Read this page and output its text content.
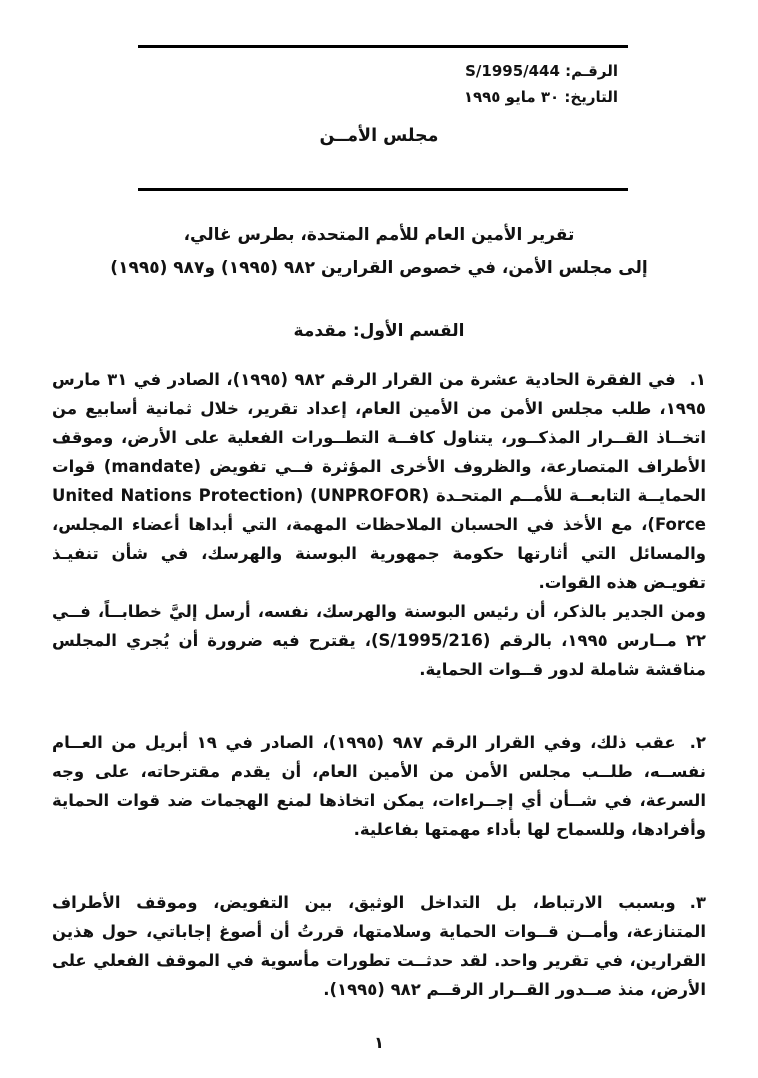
الرقـم: S/1995/444
التاريخ: ٣٠ مايو ١٩٩٥
مجلس الأمــن
تقرير الأمين العام للأمم المتحدة، بطرس غالي،
إلى مجلس الأمن، في خصوص القرارين ٩٨٢ (١٩٩٥) و٩٨٧ (١٩٩٥)
القسم الأول: مقدمة

١.في الفقرة الحادية عشرة من القرار الرقم ٩٨٢ (١٩٩٥)، الصادر في ٣١ مارس ١٩٩٥، طلب مجلس الأمن من الأمين العام، إعداد تقرير، خلال ثمانية أسابيع من اتخــاذ القــرار المذكــور، يتناول كافــة التطــورات الفعلية على الأرض، وموقف الأطراف المتصارعة، والظروف الأخرى المؤثرة فــي تفويض (mandate) قوات الحمايــة التابعــة للأمــم المتحـدة (UNPROFOR) (United Nations Protection Force)، مع الأخذ في الحسبان الملاحظات المهمة، التي أبداها أعضاء المجلس، والمسائل التي أثارتها حكومة جمهورية البوسنة والهرسك، في شأن تنفيـذ تفويـض هذه القوات.

ومن الجدير بالذكر، أن رئيس البوسنة والهرسك، نفسه، أرسل إليَّ خطابــاً، فــي ٢٢ مــارس ١٩٩٥، بالرقم (S/1995/216)، يقترح فيه ضرورة أن يُجري المجلس مناقشة شاملة لدور قــوات الحماية.

٢.عقب ذلك، وفي القرار الرقم ٩٨٧ (١٩٩٥)، الصادر في ١٩ أبريل من العــام نفســه، طلــب مجلس الأمن من الأمين العام، أن يقدم مقترحاته، على وجه السرعة، في شــأن أي إجــراءات، يمكن اتخاذها لمنع الهجمات ضد قوات الحماية وأفرادها، وللسماح لها بأداء مهمتها بفاعلية.

٣.وبسبب الارتباط، بل التداخل الوثيق، بين التفويض، وموقف الأطراف المتنازعة، وأمــن قــوات الحماية وسلامتها، قررتُ أن أصوغ إجاباتي، حول هذين القرارين، في تقرير واحد. لقد حدثــت تطورات مأسوية في الموقف الفعلي على الأرض، منذ صــدور القــرار الرقــم ٩٨٢ (١٩٩٥).

١
